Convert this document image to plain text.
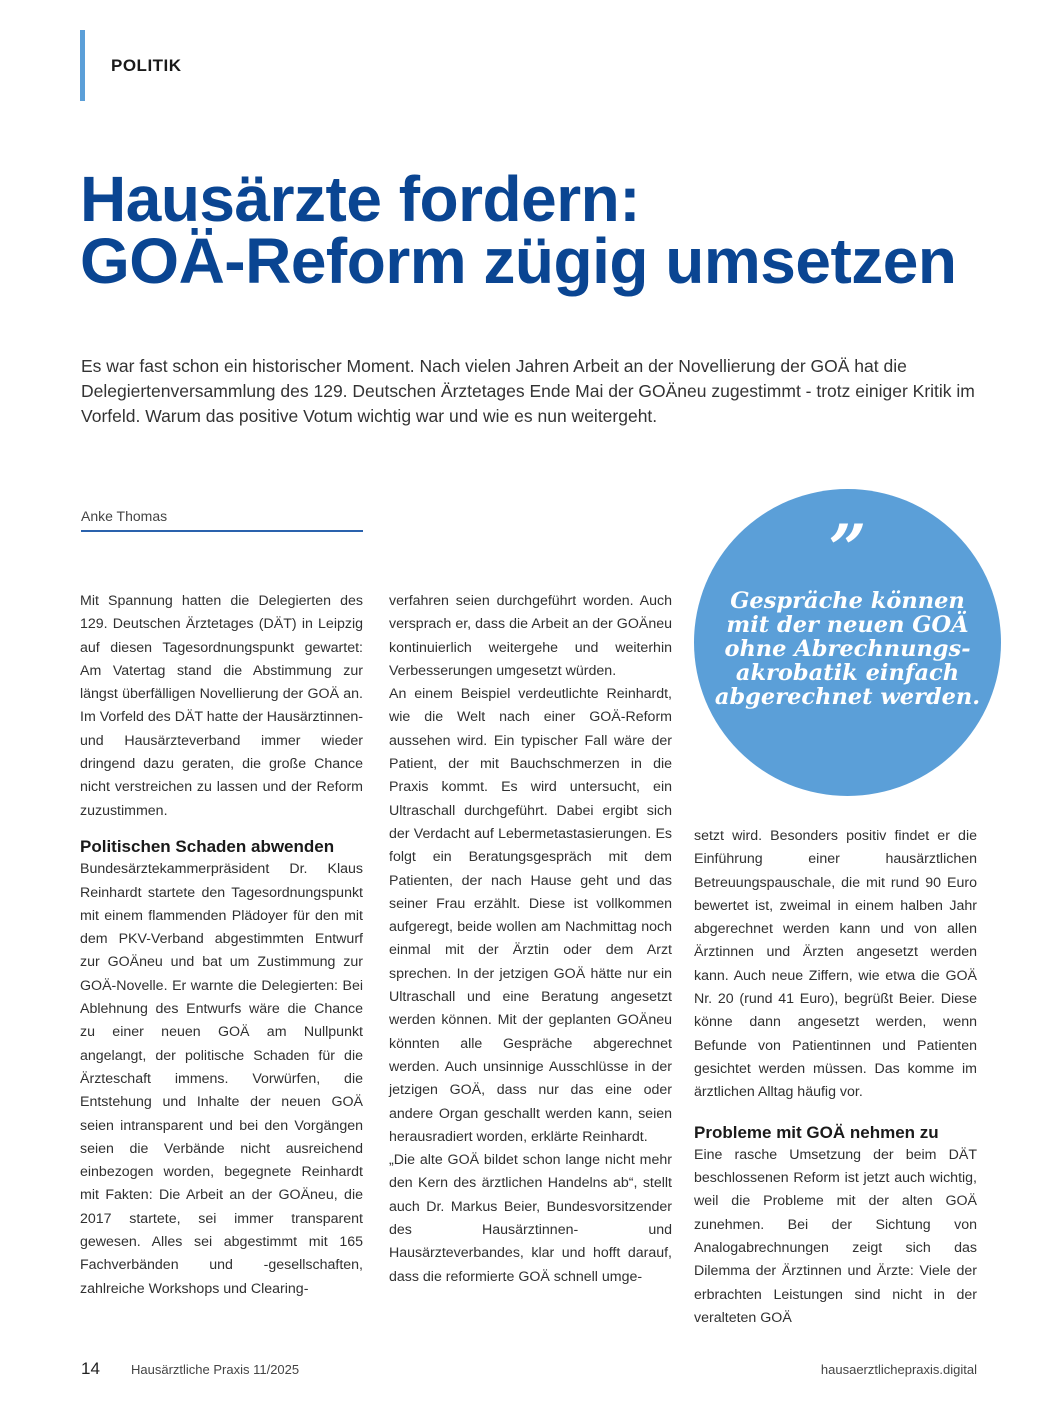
POLITIK
Hausärzte fordern:
GOÄ-Reform zügig umsetzen

Es war fast schon ein historischer Moment. Nach vielen Jahren Arbeit an der Novellierung der GOÄ hat die Delegiertenversammlung des 129. Deutschen Ärztetages Ende Mai der GOÄneu zugestimmt - trotz einiger Kritik im Vorfeld. Warum das positive Votum wichtig war und wie es nun weitergeht.

Anke Thomas	”
Gespräche können mit der neuen GOÄ ohne Abrechnungs-akrobatik einfach abgerechnet werden.

Mit Spannung hatten die Delegierten des 129. Deutschen Ärztetages (DÄT) in Leipzig auf diesen Tagesordnungspunkt gewartet: Am Vatertag stand die Abstimmung zur längst überfälligen Novellierung der GOÄ an. Im Vorfeld des DÄT hatte der Hausärztinnen- und Hausärzteverband immer wieder dringend dazu geraten, die große Chance nicht verstreichen zu lassen und der Reform zuzustimmen.

Politischen Schaden abwenden

Bundesärztekammerpräsident Dr. Klaus Reinhardt startete den Tagesordnungspunkt mit einem flammenden Plädoyer für den mit dem PKV-Verband abgestimmten Entwurf zur GOÄneu und bat um Zustimmung zur GOÄ-Novelle. Er warnte die Delegierten: Bei Ablehnung des Entwurfs wäre die Chance zu einer neuen GOÄ am Nullpunkt angelangt, der politische Schaden für die Ärzteschaft immens. Vorwürfen, die Entstehung und Inhalte der neuen GOÄ seien intransparent und bei den Vorgängen seien die Verbände nicht ausreichend einbezogen worden, begegnete Reinhardt mit Fakten: Die Arbeit an der GOÄneu, die 2017 startete, sei immer transparent gewesen. Alles sei abgestimmt mit 165 Fachverbänden und -gesellschaften, zahlreiche Workshops und Clearing-

verfahren seien durchgeführt worden. Auch versprach er, dass die Arbeit an der GOÄneu kontinuierlich weitergehe und weiterhin Verbesserungen umgesetzt würden.

An einem Beispiel verdeutlichte Reinhardt, wie die Welt nach einer GOÄ-Reform aussehen wird. Ein typischer Fall wäre der Patient, der mit Bauchschmerzen in die Praxis kommt. Es wird untersucht, ein Ultraschall durchgeführt. Dabei ergibt sich der Verdacht auf Lebermetastasierungen. Es folgt ein Beratungsgespräch mit dem Patienten, der nach Hause geht und das seiner Frau erzählt. Diese ist vollkommen aufgeregt, beide wollen am Nachmittag noch einmal mit der Ärztin oder dem Arzt sprechen. In der jetzigen GOÄ hätte nur ein Ultraschall und eine Beratung angesetzt werden können. Mit der geplanten GOÄneu könnten alle Gespräche abgerechnet werden. Auch unsinnige Ausschlüsse in der jetzigen GOÄ, dass nur das eine oder andere Organ geschallt werden kann, seien herausradiert worden, erklärte Reinhardt.

„Die alte GOÄ bildet schon lange nicht mehr den Kern des ärztlichen Handelns ab“, stellt auch Dr. Markus Beier, Bundesvorsitzender des Hausärztinnen- und Hausärzteverbandes, klar und hofft darauf, dass die reformierte GOÄ schnell umge-

setzt wird. Besonders positiv findet er die Einführung einer hausärztlichen Betreuungspauschale, die mit rund 90 Euro bewertet ist, zweimal in einem halben Jahr abgerechnet werden kann und von allen Ärztinnen und Ärzten angesetzt werden kann. Auch neue Ziffern, wie etwa die GOÄ Nr. 20 (rund 41 Euro), begrüßt Beier. Diese könne dann angesetzt werden, wenn Befunde von Patientinnen und Patienten gesichtet werden müssen. Das komme im ärztlichen Alltag häufig vor.

Probleme mit GOÄ nehmen zu

Eine rasche Umsetzung der beim DÄT beschlossenen Reform ist jetzt auch wichtig, weil die Probleme mit der alten GOÄ zunehmen. Bei der Sichtung von Analogabrechnungen zeigt sich das Dilemma der Ärztinnen und Ärzte: Viele der erbrachten Leistungen sind nicht in der veralteten GOÄ

14 Hausärztliche Praxis 11/2025	hausaerztlichepraxis.digital
